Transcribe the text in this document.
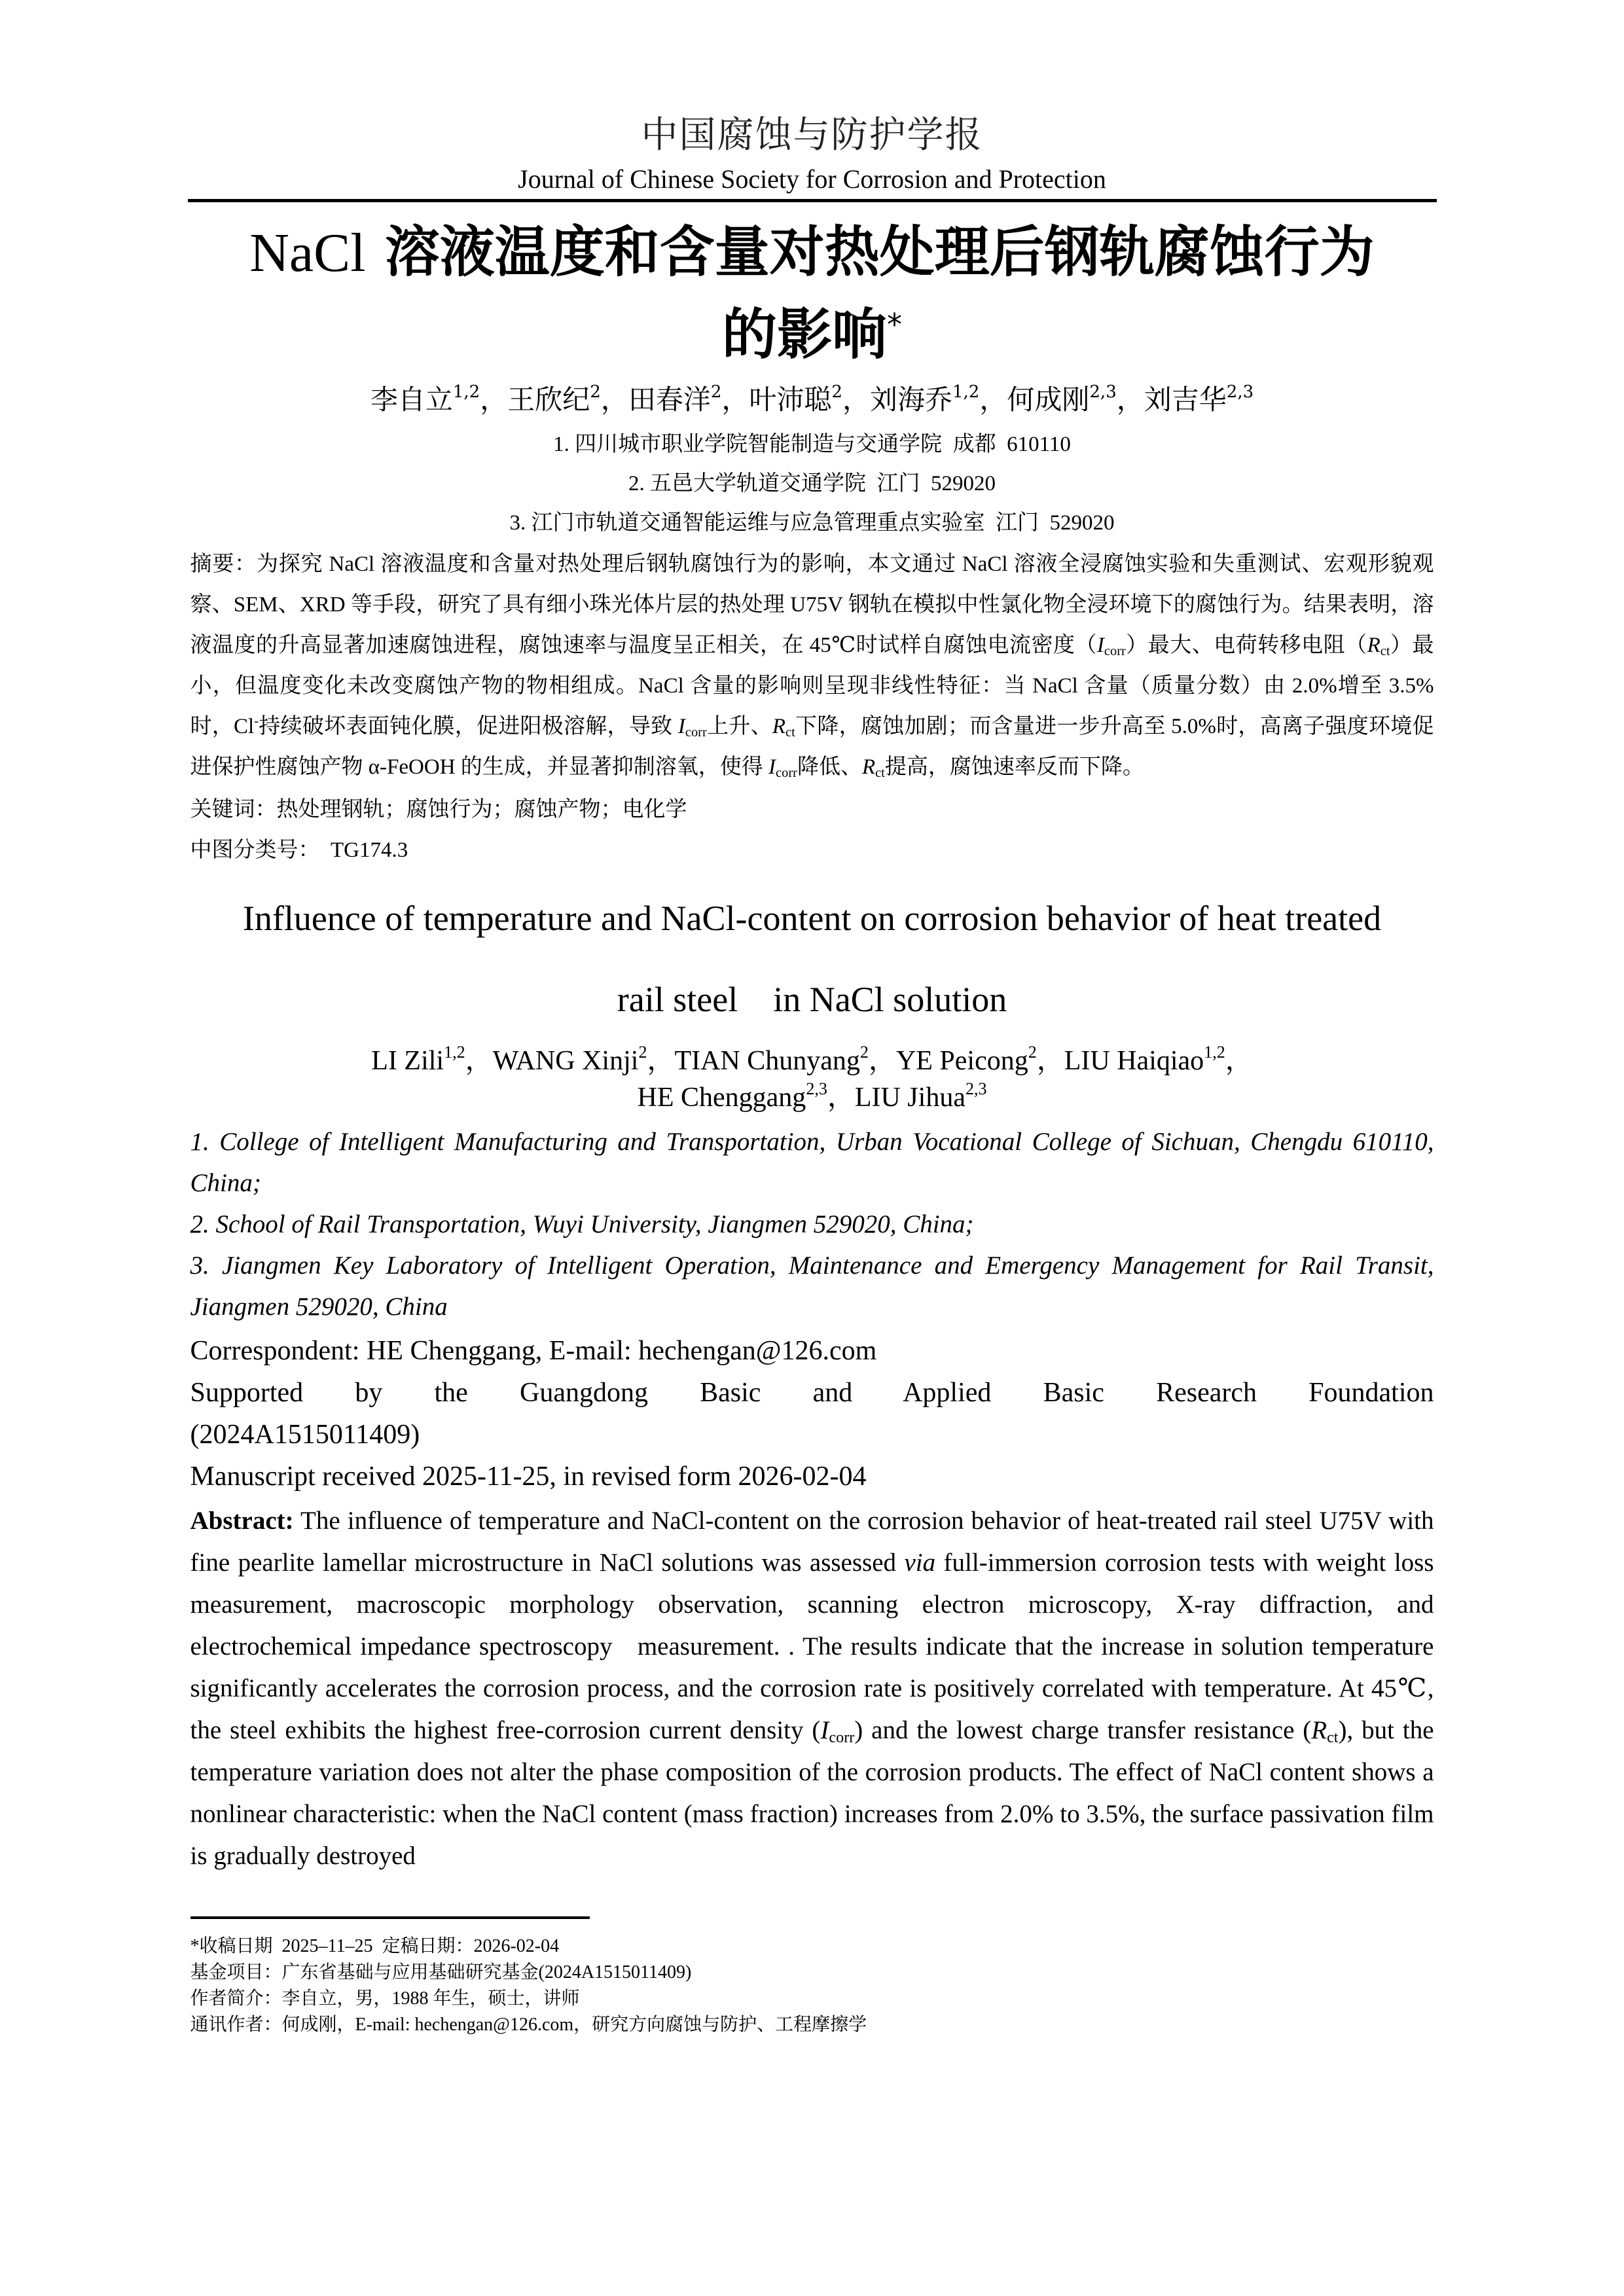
中国腐蚀与防护学报
Journal of Chinese Society for Corrosion and Protection
NaCl 溶液温度和含量对热处理后钢轨腐蚀行为
的影响*
李自立$^{1,2}$，王欣纪$^2$，田春洋$^2$，叶沛聪$^2$，刘海乔$^{1,2}$，何成刚$^{2,3}$，刘吉华$^{2,3}$
1. 四川城市职业学院智能制造与交通学院  成都  610110
2. 五邑大学轨道交通学院  江门  529020
3. 江门市轨道交通智能运维与应急管理重点实验室  江门  529020
摘要：为探究 NaCl 溶液温度和含量对热处理后钢轨腐蚀行为的影响，本文通过 NaCl 溶液全浸腐蚀实验和失重测试、宏观形貌观察、SEM、XRD 等手段，研究了具有细小珠光体片层的热处理 U75V 钢轨在模拟中性氯化物全浸环境下的腐蚀行为。结果表明，溶液温度的升高显著加速腐蚀进程，腐蚀速率与温度呈正相关，在 45℃时试样自腐蚀电流密度$(I_{corr})$最大、电荷转移电阻$(R_{ct})$最小，但温度变化未改变腐蚀产物的物相组成。NaCl 含量的影响则呈现非线性特征：当 NaCl 含量（质量分数）由 2.0%增至 3.5%时，Cl-持续破坏表面钝化膜，促进阳极溶解，导致 $I_{corr}$上升、$R_{ct}$下降，腐蚀加剧；而含量进一步升高至 5.0%时，高离子强度环境促进保护性腐蚀产物 α-FeOOH 的生成，并显著抑制溶氧，使得 $I_{corr}$降低、$R_{ct}$提高，腐蚀速率反而下降。
关键词：热处理钢轨；腐蚀行为；腐蚀产物；电化学
中图分类号： TG174.3
Influence of temperature and NaCl-content on corrosion behavior of heat treated
rail steel    in NaCl solution
LI Zili$^{1,2}$，WANG Xinji$^2$，TIAN Chunyang$^2$，YE Peicong$^2$，LIU Haiqiao$^{1,2}$，
HE Chenggang$^{2,3}$，LIU Jihua$^{2,3}$
1. College of Intelligent Manufacturing and Transportation, Urban Vocational College of Sichuan, Chengdu 610110, China;
2. School of Rail Transportation, Wuyi University, Jiangmen 529020, China;
3. Jiangmen Key Laboratory of Intelligent Operation, Maintenance and Emergency Management for Rail Transit, Jiangmen 529020, China
Correspondent: HE Chenggang, E-mail: hechengan@126.com
Supported by the Guangdong Basic and Applied Basic Research Foundation
(2024A1515011409)
Manuscript received 2025-11-25, in revised form 2026-02-04
Abstract: The influence of temperature and NaCl-content on the corrosion behavior of heat-treated rail steel U75V with fine pearlite lamellar microstructure in NaCl solutions was assessed via full-immersion corrosion tests with weight loss measurement, macroscopic morphology observation, scanning electron microscopy, X-ray diffraction, and electrochemical impedance spectroscopy   measurement. . The results indicate that the increase in solution temperature significantly accelerates the corrosion process, and the corrosion rate is positively correlated with temperature. At 45℃, the steel exhibits the highest free-corrosion current density $(I_{corr})$ and the lowest charge transfer resistance $(R_{ct})$, but the temperature variation does not alter the phase composition of the corrosion products. The effect of NaCl content shows a nonlinear characteristic: when the NaCl content (mass fraction) increases from 2.0% to 3.5%, the surface passivation film is gradually destroyed
*收稿日期  2025–11–25  定稿日期：2026-02-04
基金项目：广东省基础与应用基础研究基金(2024A1515011409)
作者简介：李自立，男，1988 年生，硕士，讲师
通讯作者：何成刚，E-mail: hechengan@126.com，研究方向腐蚀与防护、工程摩擦学
